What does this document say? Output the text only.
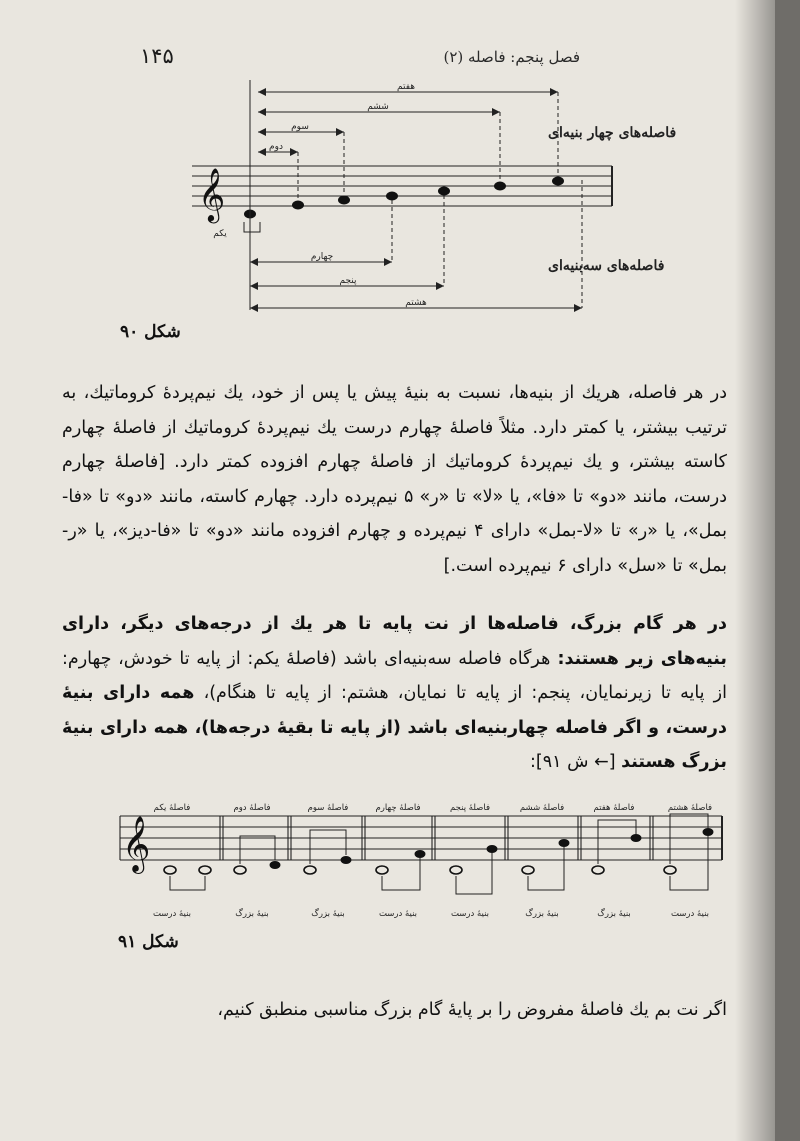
۱۴۵	فصل پنجم: فاصله (۲)
𝄞
هفتم
ششم
سوم
دوم
یکم
چهارم
پنجم
هشتم
فاصله‌های چهار بنیه‌ای
فاصله‌های سه‌بنیه‌ای
شکل ۹۰
در هر فاصله، هریك از بنیه‌ها، نسبت به بنیهٔ پیش یا پس از خود، یك نیم‌پردهٔ کروماتیك، به ترتیب بیشتر، یا کمتر دارد. مثلاً فاصلهٔ چهارم درست یك نیم‌پردهٔ کروماتیك از فاصلهٔ چهارم کاسته بیشتر، و یك نیم‌پردهٔ کروماتیك از فاصلهٔ چهارم افزوده کمتر دارد. [فاصلهٔ چهارم درست، مانند «دو» تا «فا»، یا «لا» تا «ر» ۵ نیم‌پرده دارد. چهارم کاسته، مانند «دو» تا «فا-بمل»، یا «ر» تا «لا-بمل» دارای ۴ نیم‌پرده و چهارم افزوده مانند «دو» تا «فا-دیز»، یا «ر-بمل» تا «سل» دارای ۶ نیم‌پرده است.]
در هر گام بزرگ، فاصله‌ها از نت پایه تا هر یك از درجه‌های دیگر، دارای بنیه‌های زیر هستند: هرگاه فاصله سه‌بنیه‌ای باشد (فاصلهٔ یکم: از پایه تا خودش، چهارم: از پایه تا زیرنمایان، پنجم: از پایه تا نمایان، هشتم: از پایه تا هنگام)، همه دارای بنیهٔ درست، و اگر فاصله چهاربنیه‌ای باشد (از پایه تا بقیهٔ درجه‌ها)، همه دارای بنیهٔ بزرگ هستند [← ش ۹۱]:
𝄞
فاصلهٔ یکم	فاصلهٔ دوم	فاصلهٔ سوم	فاصلهٔ چهارم	فاصلهٔ پنجم	فاصلهٔ ششم	فاصلهٔ هفتم	فاصلهٔ هشتم
بنیهٔ درست	بنیهٔ بزرگ	بنیهٔ بزرگ	بنیهٔ درست	بنیهٔ درست	بنیهٔ بزرگ	بنیهٔ بزرگ	بنیهٔ درست
شکل ۹۱
اگر نت بم یك فاصلهٔ مفروض را بر پایهٔ گام بزرگ مناسبی منطبق کنیم،
